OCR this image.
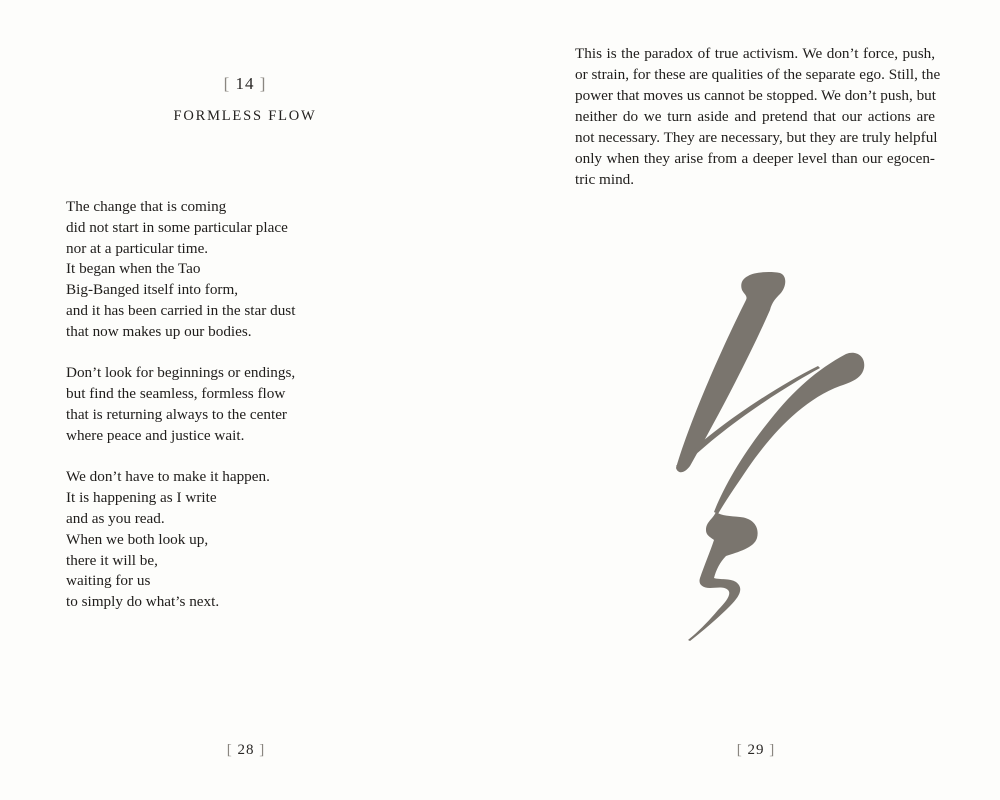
[ 14 ]
FORMLESS FLOW
The change that is coming
did not start in some particular place
nor at a particular time.
It began when the Tao
Big-Banged itself into form,
and it has been carried in the star dust
that now makes up our bodies.
Don’t look for beginnings or endings,
but find the seamless, formless flow
that is returning always to the center
where peace and justice wait.
We don’t have to make it happen.
It is happening as I write
and as you read.
When we both look up,
there it will be,
waiting for us
to simply do what’s next.
[ 28 ]
This is the paradox of true activism. We don’t force, push,
or strain, for these are qualities of the separate ego. Still, the
power that moves us cannot be stopped. We don’t push, but
neither do we turn aside and pretend that our actions are
not necessary. They are necessary, but they are truly helpful
only when they arise from a deeper level than our egocen-
tric mind.
[ 29 ]
